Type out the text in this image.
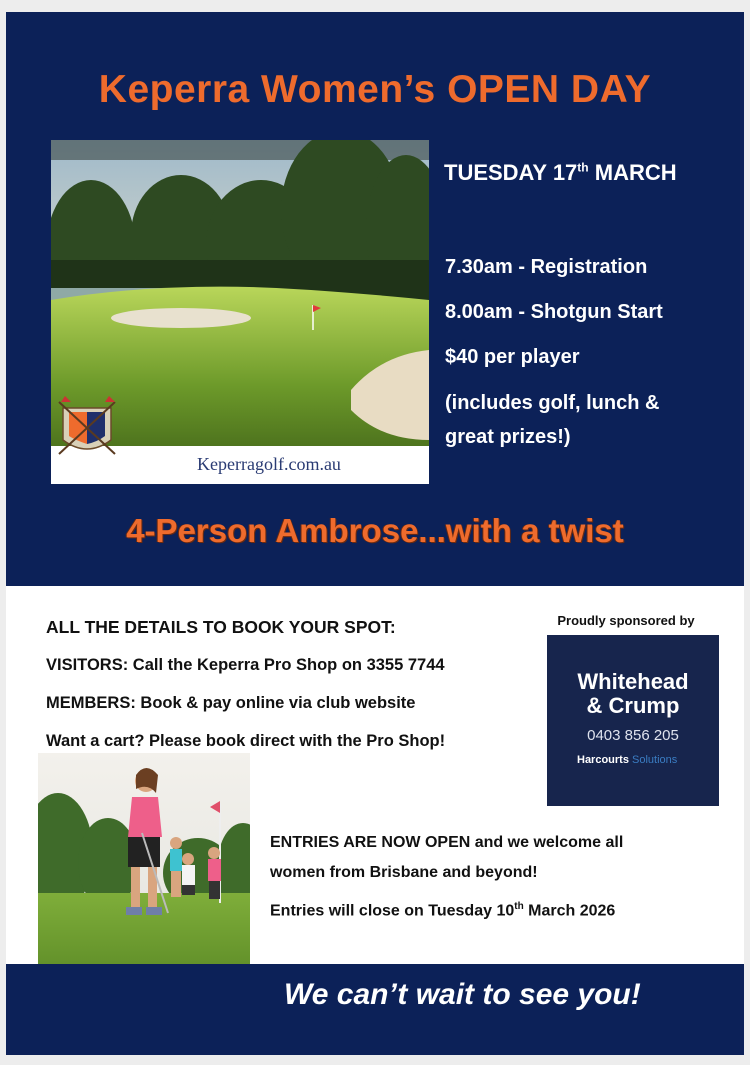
Keperra Women’s OPEN DAY
Keperragolf.com.au
TUESDAY 17th MARCH
7.30am - Registration
8.00am - Shotgun Start
$40 per player
(includes golf, lunch &
great prizes!)
4-Person Ambrose...with a twist
ALL THE DETAILS TO BOOK YOUR SPOT:
VISITORS: Call the Keperra Pro Shop on 3355 7744
MEMBERS: Book & pay online via club website
Want a cart? Please book direct with the Pro Shop!
Proudly sponsored by
Whitehead
& Crump
0403 856 205
Harcourts Solutions
ENTRIES ARE NOW OPEN and we welcome all
women from Brisbane and beyond!
Entries will close on Tuesday 10th March 2026
We can’t wait to see you!
